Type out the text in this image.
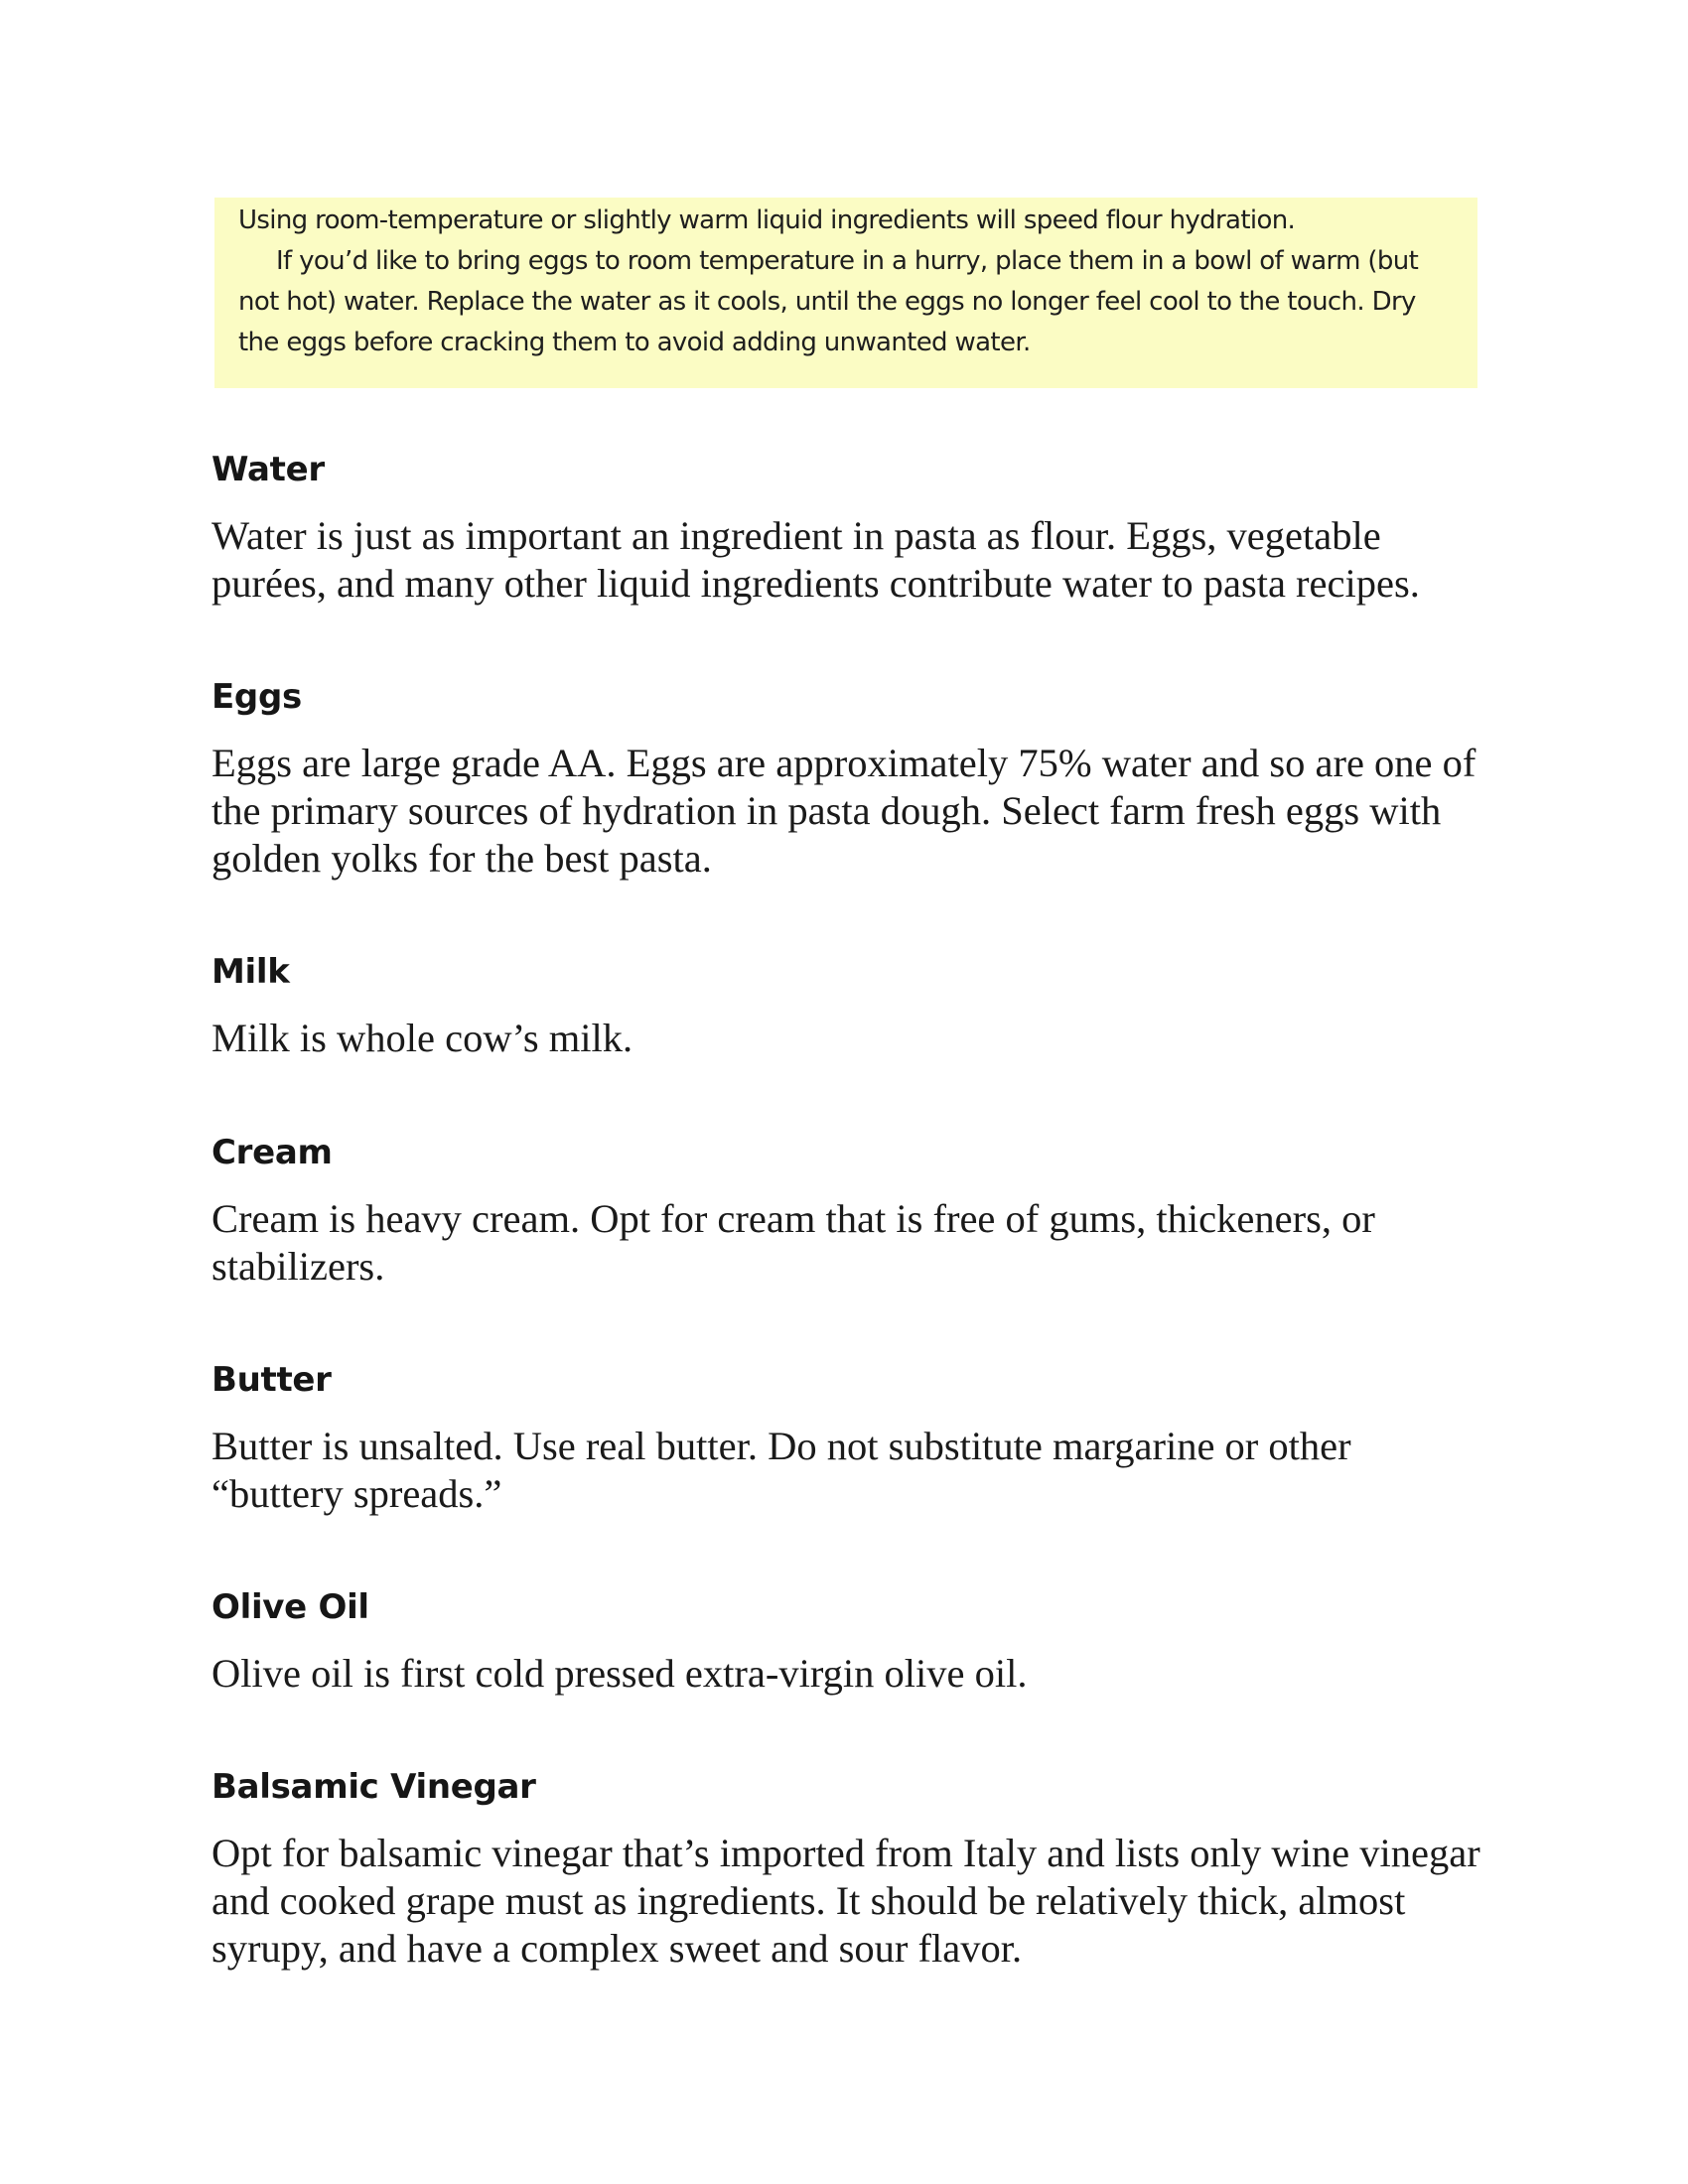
Using room-temperature or slightly warm liquid ingredients will speed flour hydration.

If you’d like to bring eggs to room temperature in a hurry, place them in a bowl of warm (but not hot) water. Replace the water as it cools, until the eggs no longer feel cool to the touch. Dry the eggs before cracking them to avoid adding unwanted water.

Water

Water is just as important an ingredient in pasta as flour. Eggs, vegetable purées, and many other liquid ingredients contribute water to pasta recipes.

Eggs

Eggs are large grade AA. Eggs are approximately 75% water and so are one of the primary sources of hydration in pasta dough. Select farm fresh eggs with golden yolks for the best pasta.

Milk

Milk is whole cow’s milk.

Cream

Cream is heavy cream. Opt for cream that is free of gums, thickeners, or stabilizers.

Butter

Butter is unsalted. Use real butter. Do not substitute margarine or other “buttery spreads.”

Olive Oil

Olive oil is first cold pressed extra-virgin olive oil.

Balsamic Vinegar

Opt for balsamic vinegar that’s imported from Italy and lists only wine vinegar and cooked grape must as ingredients. It should be relatively thick, almost syrupy, and have a complex sweet and sour flavor.
